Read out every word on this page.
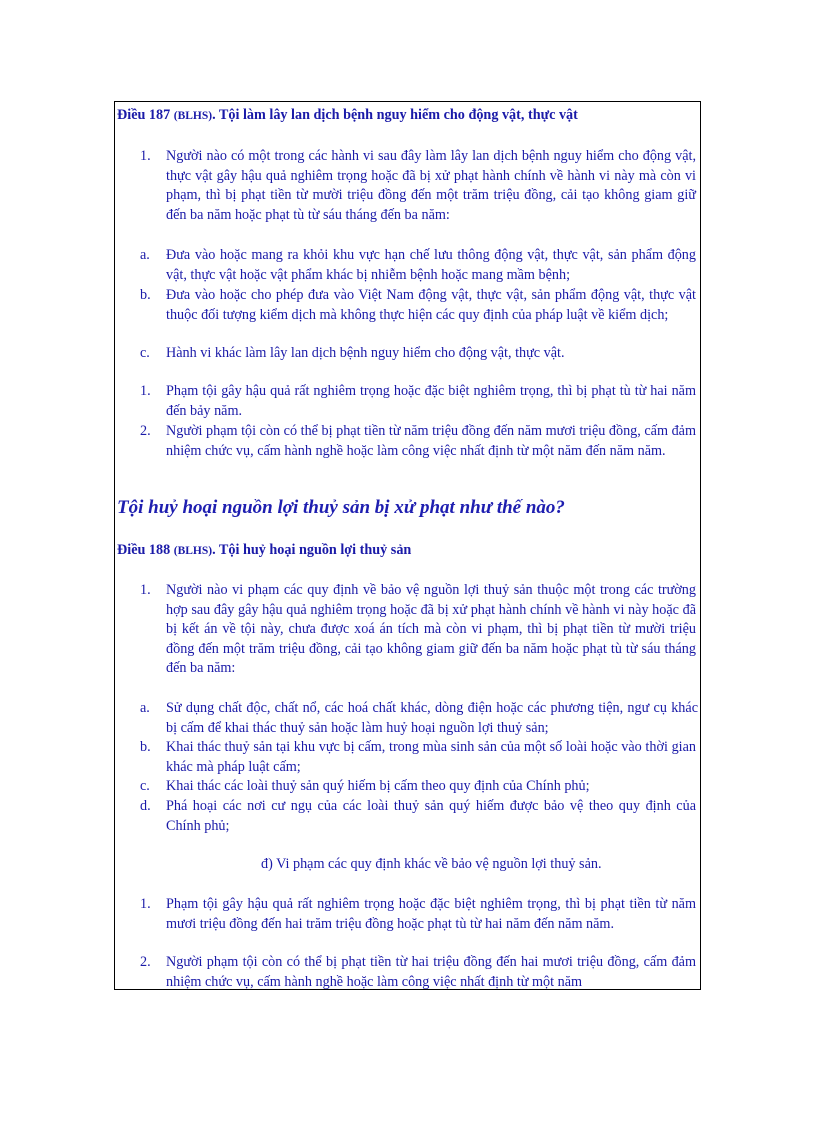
Điều 187 (BLHS). Tội làm lây lan dịch bệnh nguy hiểm cho động vật, thực vật
1.	Người nào có một trong các hành vi sau đây làm lây lan dịch bệnh nguy hiểm cho động vật, thực vật gây hậu quả nghiêm trọng hoặc đã bị xử phạt hành chính về hành vi này mà còn vi phạm, thì bị phạt tiền từ mười triệu đồng đến một trăm triệu đồng, cải tạo không giam giữ đến ba năm hoặc phạt tù từ sáu tháng đến ba năm:
a.	Đưa vào hoặc mang ra khỏi khu vực hạn chế lưu thông động vật, thực vật, sản phẩm động vật, thực vật hoặc vật phẩm khác bị nhiễm bệnh hoặc mang mầm bệnh;
b.	Đưa vào hoặc cho phép đưa vào Việt Nam động vật, thực vật, sản phẩm động vật, thực vật thuộc đối tượng kiểm dịch mà không thực hiện các quy định của pháp luật về kiểm dịch;
c.	Hành vi khác làm lây lan dịch bệnh nguy hiểm cho động vật, thực vật.
1.	Phạm tội gây hậu quả rất nghiêm trọng hoặc đặc biệt nghiêm trọng, thì bị phạt tù từ hai năm đến bảy năm.
2.	Người phạm tội còn có thể bị phạt tiền từ năm triệu đồng đến năm mươi triệu đồng, cấm đảm nhiệm chức vụ, cấm hành nghề hoặc làm công việc nhất định từ một năm đến năm năm.
Tội huỷ hoại nguồn lợi thuỷ sản bị xử phạt như thế nào?
Điều 188 (BLHS). Tội huỷ hoại nguồn lợi thuỷ sản
1.	Người nào vi phạm các quy định về bảo vệ nguồn lợi thuỷ sản thuộc một trong các trường hợp sau đây gây hậu quả nghiêm trọng hoặc đã bị xử phạt hành chính về hành vi này hoặc đã bị kết án về tội này, chưa được xoá án tích mà còn vi phạm, thì bị phạt tiền từ mười triệu đồng đến một trăm triệu đồng, cải tạo không giam giữ đến ba năm hoặc phạt tù từ sáu tháng đến ba năm:
a.	Sử dụng chất độc, chất nổ, các hoá chất khác, dòng điện hoặc các phương tiện, ngư cụ khác bị cấm để khai thác thuỷ sản hoặc làm huỷ hoại nguồn lợi thuỷ sản;
b.	Khai thác thuỷ sản tại khu vực bị cấm, trong mùa sinh sản của một số loài hoặc vào thời gian khác mà pháp luật cấm;
c.	Khai thác các loài thuỷ sản quý hiếm bị cấm theo quy định của Chính phủ;
d.	Phá hoại các nơi cư ngụ của các loài thuỷ sản quý hiếm được bảo vệ theo quy định của Chính phủ;
đ) Vi phạm các quy định khác về bảo vệ nguồn lợi thuỷ sản.
1.	Phạm tội gây hậu quả rất nghiêm trọng hoặc đặc biệt nghiêm trọng, thì bị phạt tiền từ năm mươi triệu đồng đến hai trăm triệu đồng hoặc phạt tù từ hai năm đến năm năm.
2.	Người phạm tội còn có thể bị phạt tiền từ hai triệu đồng đến hai mươi triệu đồng, cấm đảm nhiệm chức vụ, cấm hành nghề hoặc làm công việc nhất định từ một năm
